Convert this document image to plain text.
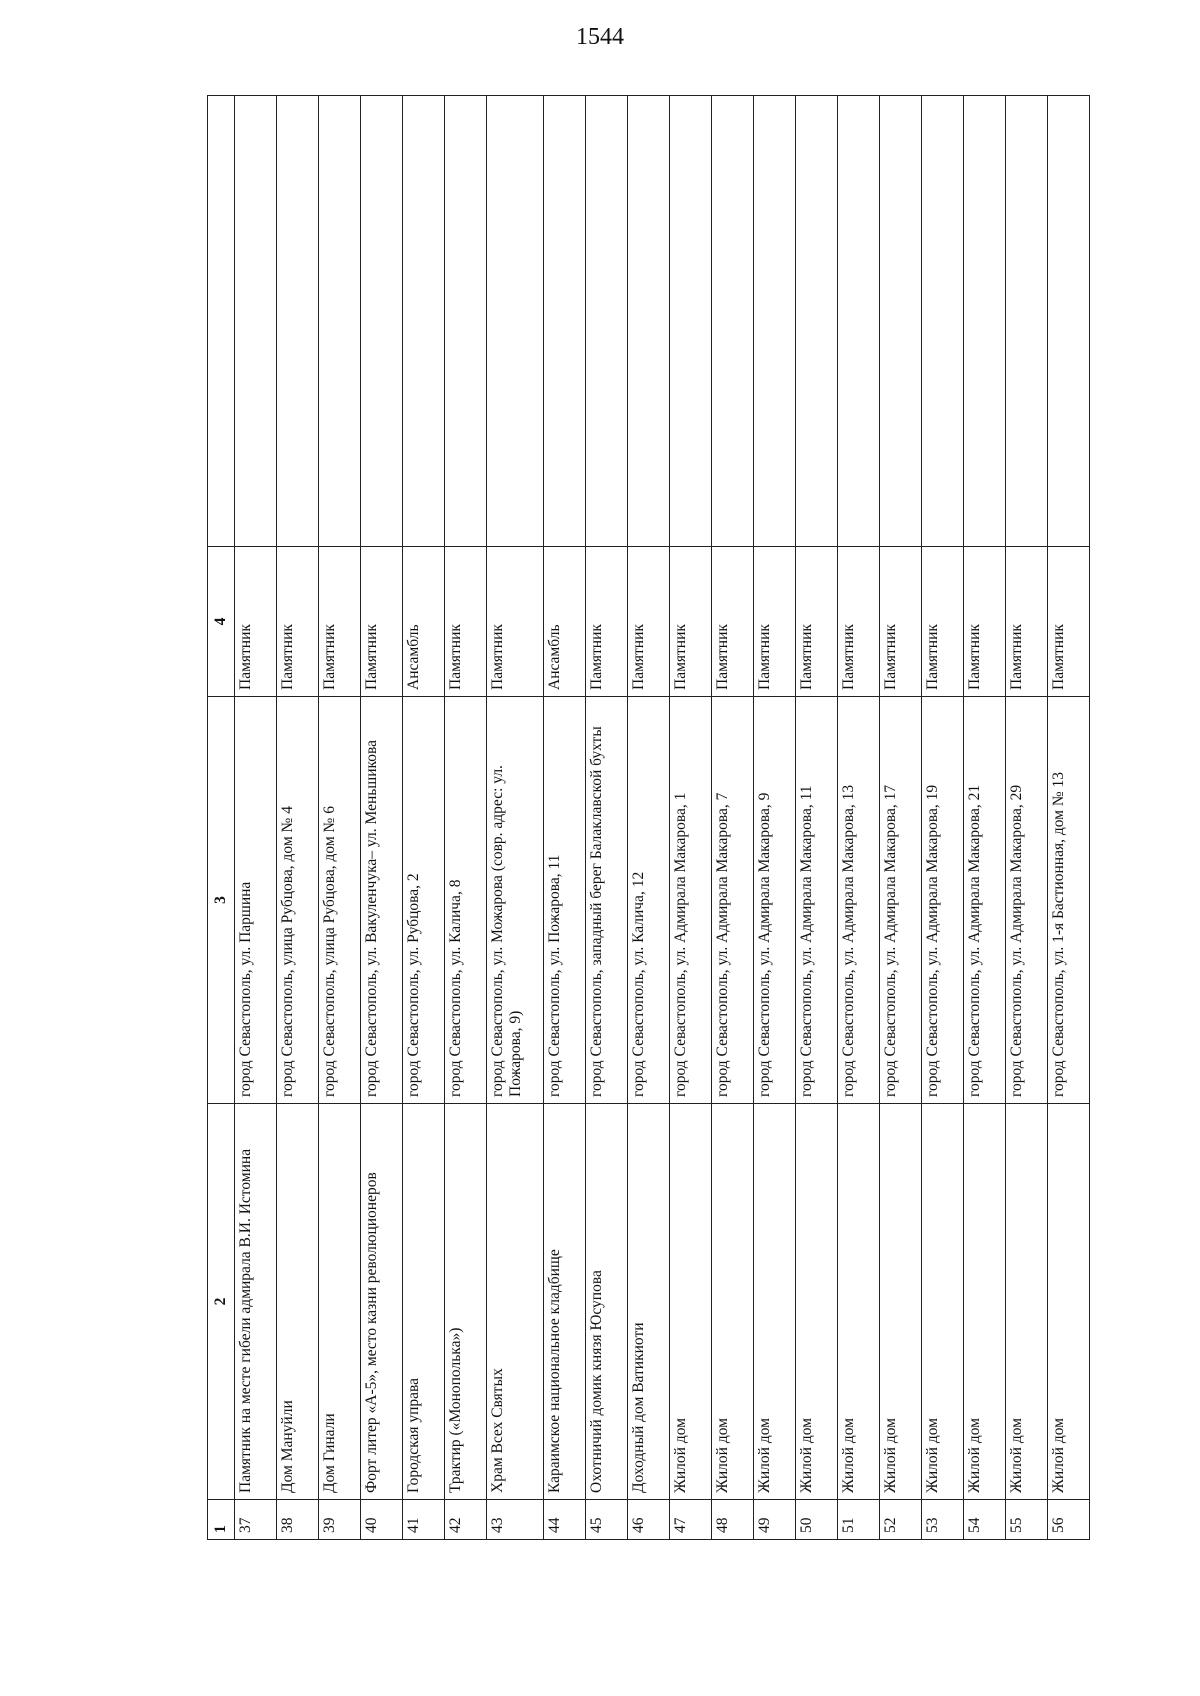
1544
1	2	3	4	
37	Памятник на месте гибели адмирала В.И. Истомина	город Севастополь, ул. Паршина	Памятник	
38	Дом Мануйли	город Севастополь, улица Рубцова, дом № 4	Памятник	
39	Дом Гинали	город Севастополь, улица Рубцова, дом № 6	Памятник	
40	Форт литер «А-5», место казни революционеров	город Севастополь, ул. Вакуленчука– ул. Меньшикова	Памятник	
41	Городская управа	город Севастополь, ул. Рубцова, 2	Ансамбль	
42	Трактир («Монополька»)	город Севастополь, ул. Калича, 8	Памятник	
43	Храм Всех Святых	город Севастополь, ул. Можарова (совр. адрес: ул. Пожарова, 9)	Памятник	
44	Караимское национальное кладбище	город Севастополь, ул. Пожарова, 11	Ансамбль	
45	Охотничий домик князя Юсупова	город Севастополь, западный берег Балаклавской бухты	Памятник	
46	Доходный дом Ватикиоти	город Севастополь, ул. Калича, 12	Памятник	
47	Жилой дом	город Севастополь, ул. Адмирала Макарова, 1	Памятник	
48	Жилой дом	город Севастополь, ул. Адмирала Макарова, 7	Памятник	
49	Жилой дом	город Севастополь, ул. Адмирала Макарова, 9	Памятник	
50	Жилой дом	город Севастополь, ул. Адмирала Макарова, 11	Памятник	
51	Жилой дом	город Севастополь, ул. Адмирала Макарова, 13	Памятник	
52	Жилой дом	город Севастополь, ул. Адмирала Макарова, 17	Памятник	
53	Жилой дом	город Севастополь, ул. Адмирала Макарова, 19	Памятник	
54	Жилой дом	город Севастополь, ул. Адмирала Макарова, 21	Памятник	
55	Жилой дом	город Севастополь, ул. Адмирала Макарова, 29	Памятник	
56	Жилой дом	город Севастополь, ул. 1-я Бастионная, дом № 13	Памятник	
